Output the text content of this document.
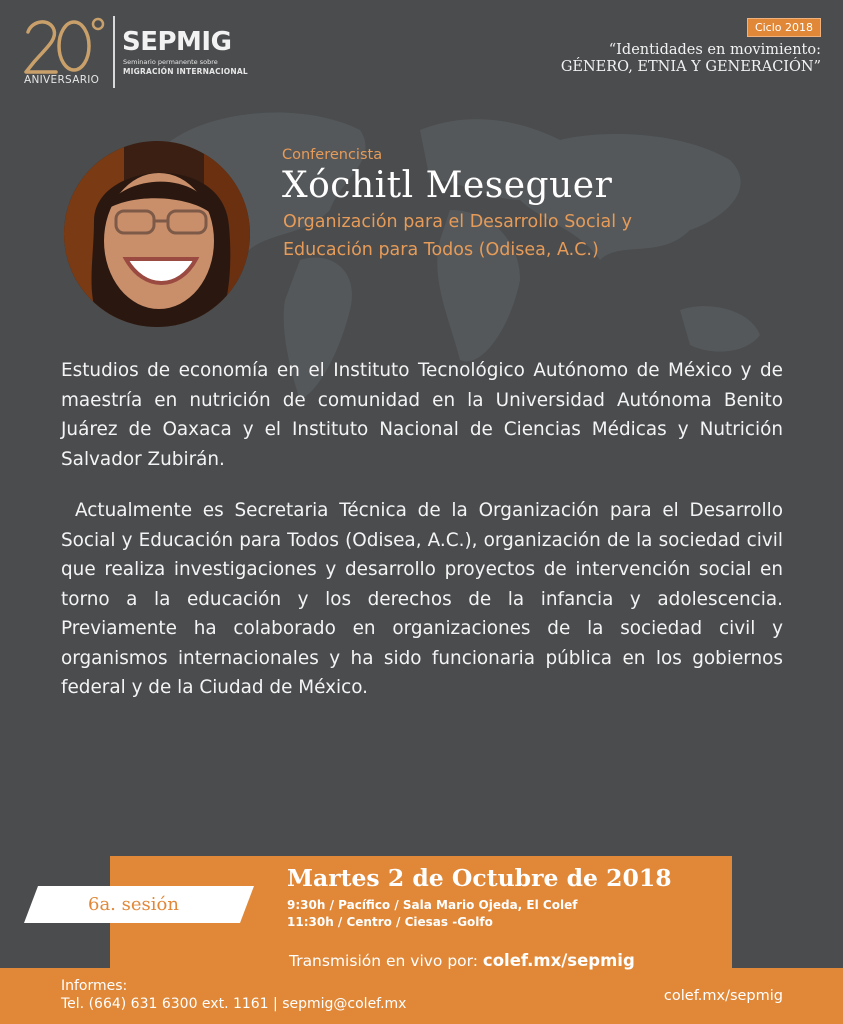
ANIVERSARIO
SEPMIG
Seminario permanente sobre
MIGRACIÓN INTERNACIONAL
Ciclo 2018
“Identidades en movimiento:
GÉNERO, ETNIA Y GENERACIÓN”
Conferencista
Xóchitl Meseguer
Organización para el Desarrollo Social y
Educación para Todos (Odisea, A.C.)
Estudios de economía en el Instituto Tecnológico Autónomo de México y de maestría en nutrición de comunidad en la Universidad Autónoma Benito Juárez de Oaxaca y el Instituto Nacional de Ciencias Médicas y Nutrición Salvador Zubirán.
Actualmente es Secretaria Técnica de la Organización para el Desarrollo Social y Educación para Todos (Odisea, A.C.), organización de la sociedad civil que realiza investigaciones y desarrollo proyectos de intervención social en torno a la educación y los derechos de la infancia y adolescencia. Previamente ha colaborado en organizaciones de la sociedad civil y organismos internacionales y ha sido funcionaria pública en los gobiernos federal y de la Ciudad de México.
6a. sesión
Martes 2 de Octubre de 2018
9:30h / Pacífico / Sala Mario Ojeda, El Colef
11:30h / Centro / Ciesas -Golfo
Transmisión en vivo por: colef.mx/sepmig
Informes:
Tel. (664) 631 6300 ext. 1161 | sepmig@colef.mx	colef.mx/sepmig
